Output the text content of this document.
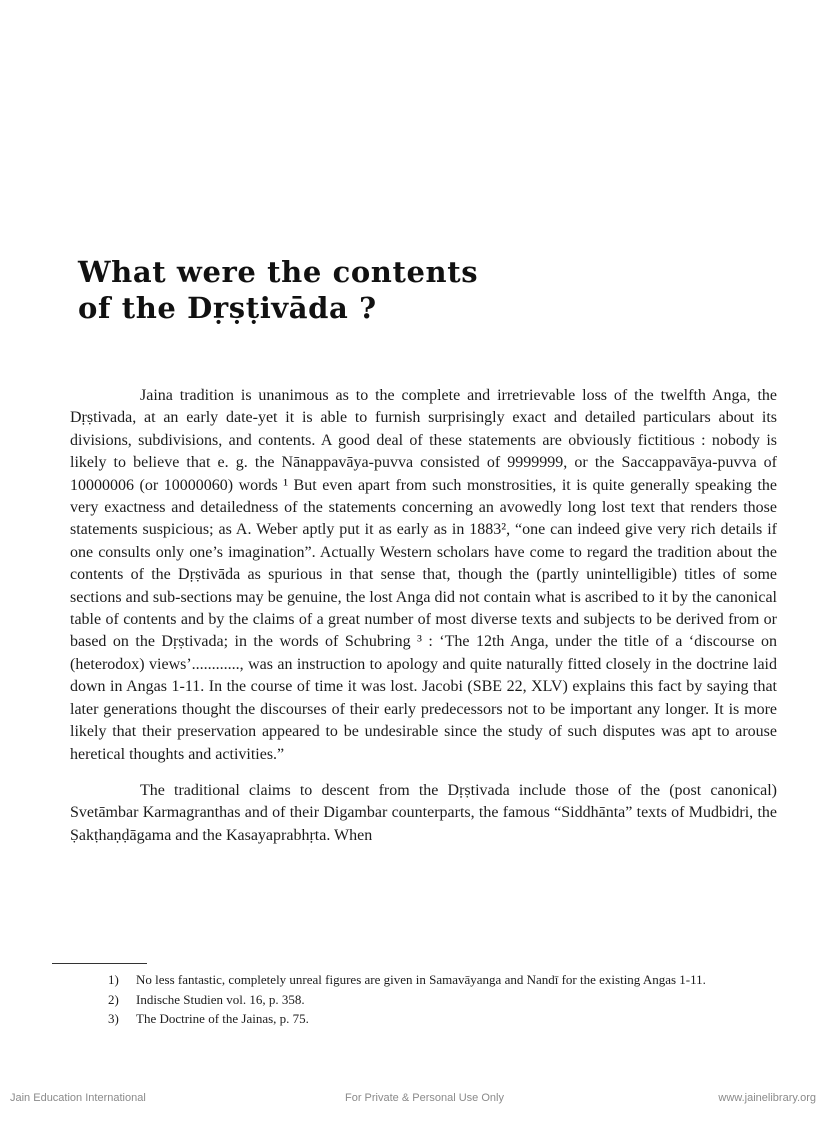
What were the contents
of the Dṛṣṭivāda ?

Jaina tradition is unanimous as to the complete and irretrievable loss of the twelfth Anga, the Dṛṣtivada, at an early date-yet it is able to furnish surprisingly exact and detailed particulars about its divisions, subdivisions, and contents. A good deal of these statements are obviously fictitious : nobody is likely to believe that e. g. the Nānappavāya-puvva consisted of 9999999, or the Saccappavāya-puvva of 10000006 (or 10000060) words ¹ But even apart from such monstrosities, it is quite generally speaking the very exactness and detailedness of the statements concerning an avowedly long lost text that renders those statements suspicious; as A. Weber aptly put it as early as in 1883², “one can indeed give very rich details if one consults only one’s imagination”. Actually Western scholars have come to regard the tradition about the contents of the Dṛṣtivāda as spurious in that sense that, though the (partly unintelligible) titles of some sections and sub-sections may be genuine, the lost Anga did not contain what is ascribed to it by the canonical table of contents and by the claims of a great number of most diverse texts and subjects to be derived from or based on the Dṛṣtivada; in the words of Schubring ³ : ‘The 12th Anga, under the title of a ‘discourse on (heterodox) views’............, was an instruction to apology and quite naturally fitted closely in the doctrine laid down in Angas 1-11. In the course of time it was lost. Jacobi (SBE 22, XLV) explains this fact by saying that later generations thought the discourses of their early predecessors not to be important any longer. It is more likely that their preservation appeared to be undesirable since the study of such disputes was apt to arouse heretical thoughts and activities.”

The traditional claims to descent from the Dṛṣtivada include those of the (post canonical) Svetāmbar Karmagranthas and of their Digambar counterparts, the famous “Siddhānta” texts of Mudbidri, the Ṣakṭhaṇḍāgama and the Kasayaprabhṛta. When

1) No less fantastic, completely unreal figures are given in Samavāyanga and Nandī for the existing Angas 1-11.
2) Indische Studien vol. 16, p. 358.
3) The Doctrine of the Jainas, p. 75.
Jain Education International	For Private & Personal Use Only	www.jainelibrary.org
